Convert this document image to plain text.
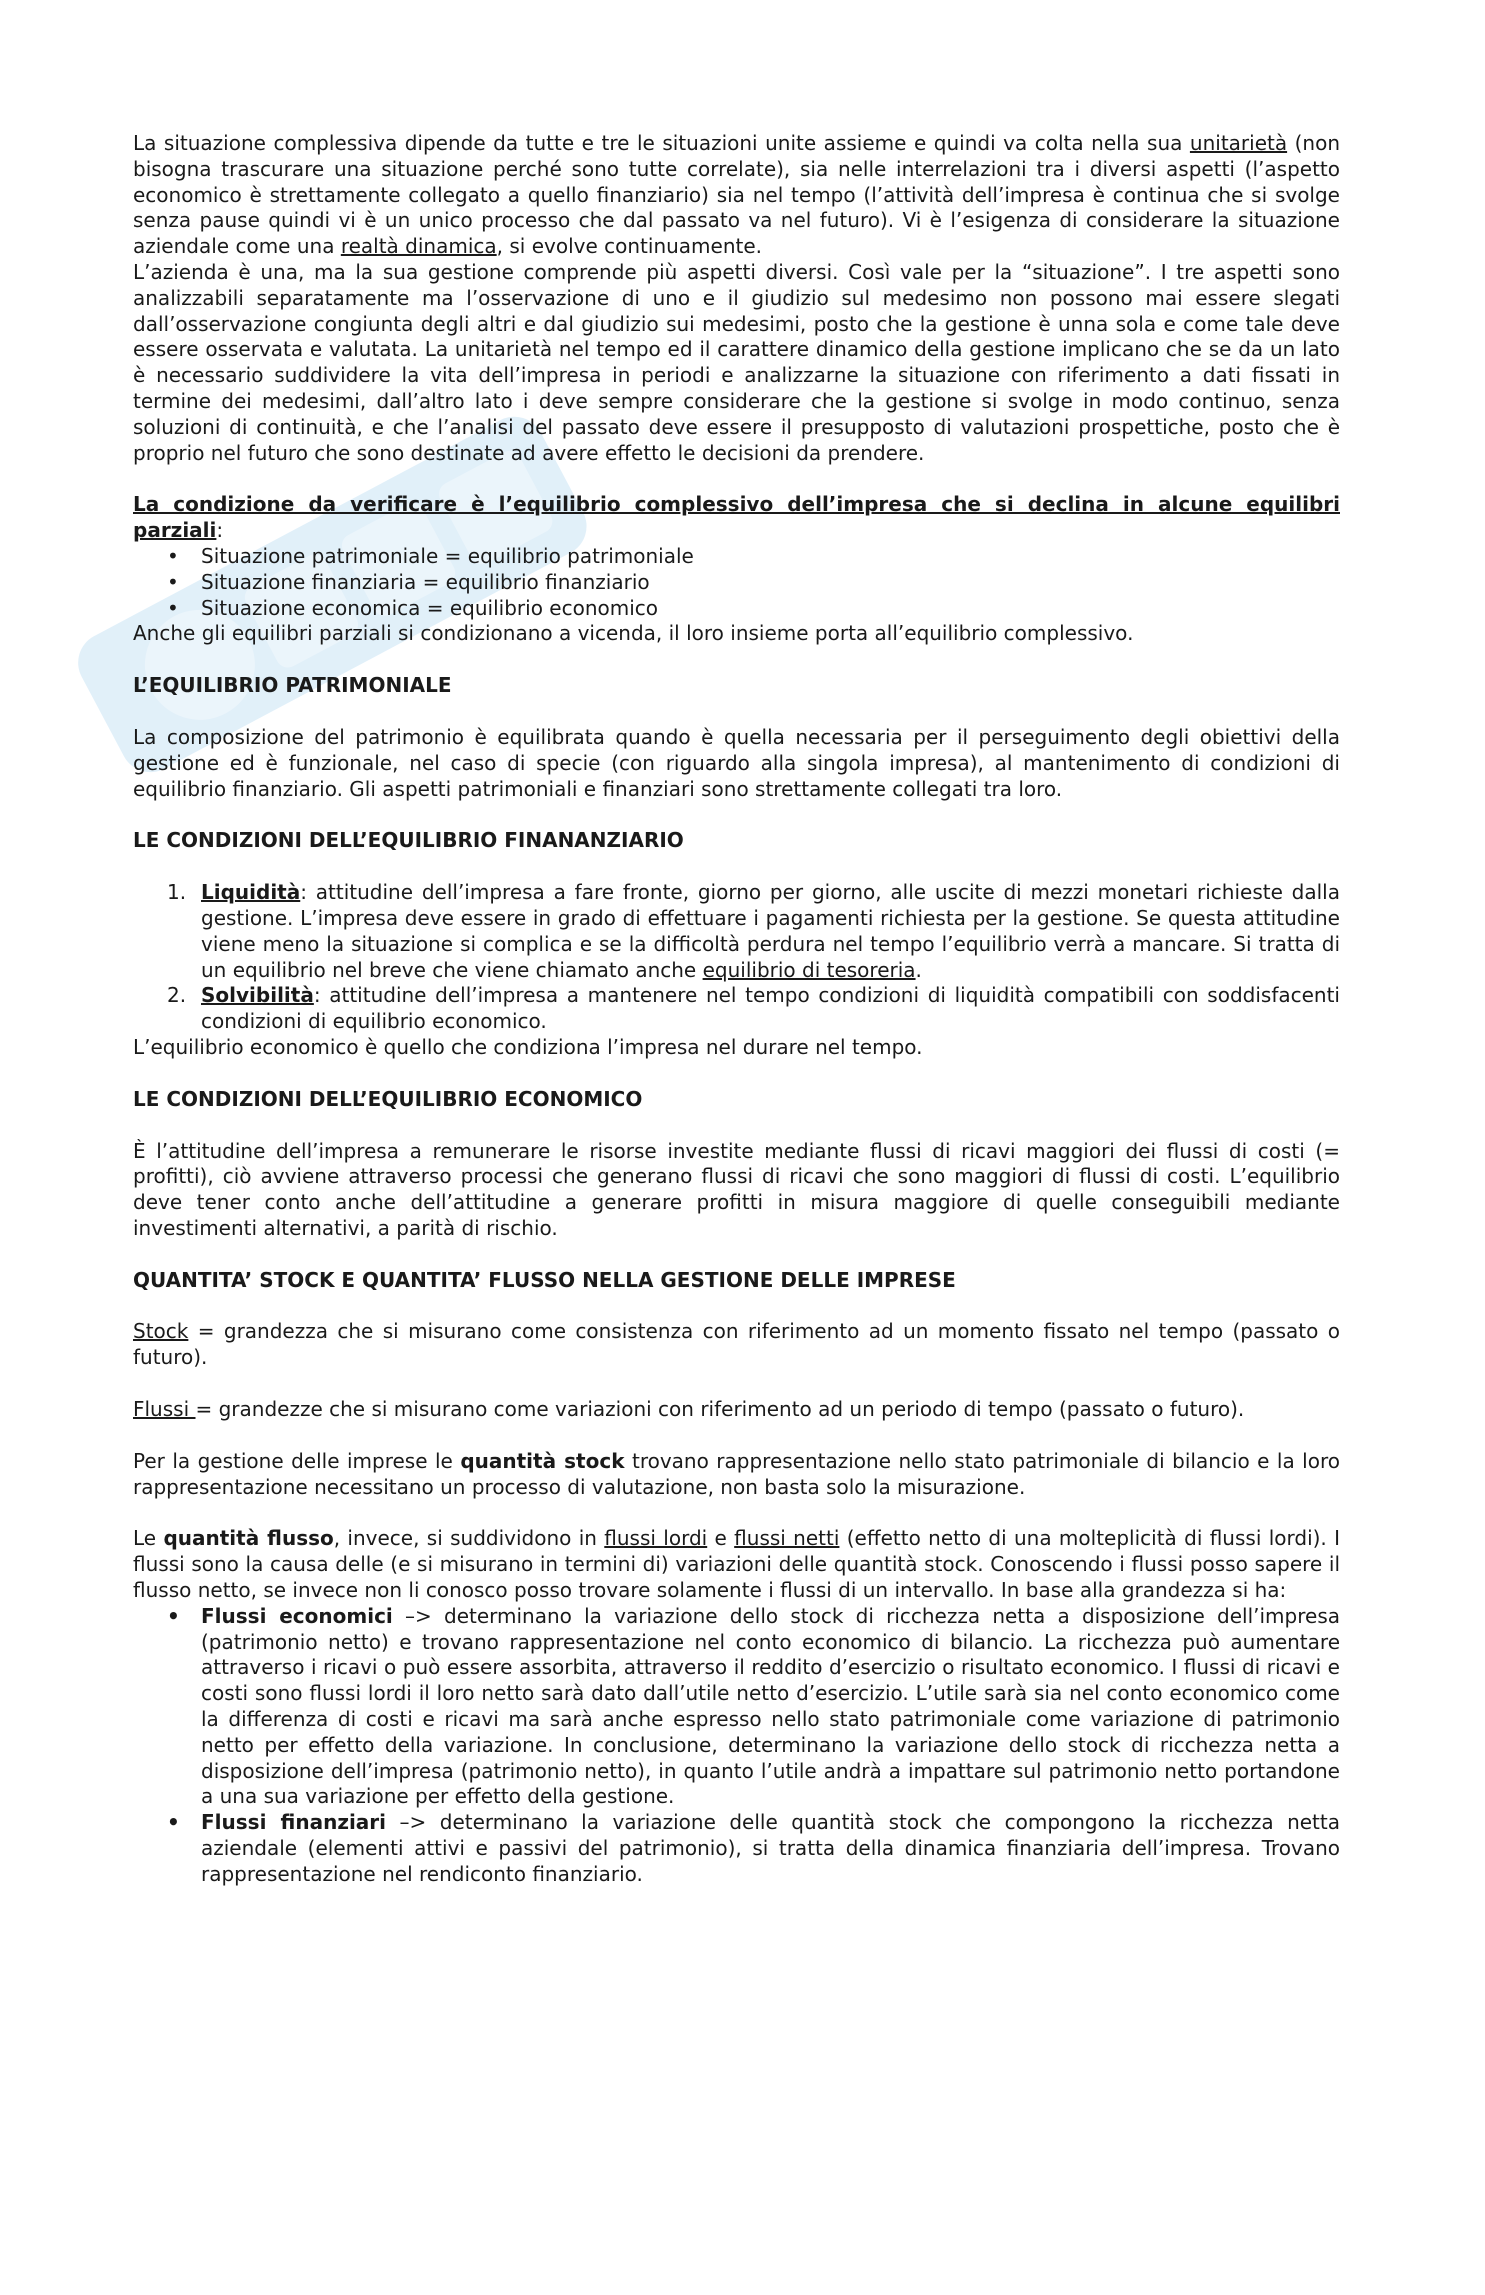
La situazione complessiva dipende da tutte e tre le situazioni unite assieme e quindi va colta nella sua unitarietà (non bisogna trascurare una situazione perché sono tutte correlate), sia nelle interrelazioni tra i diversi aspetti (l’aspetto economico è strettamente collegato a quello finanziario) sia nel tempo (l’attività dell’impresa è continua che si svolge senza pause quindi vi è un unico processo che dal passato va nel futuro). Vi è l’esigenza di considerare la situazione aziendale come una realtà dinamica, si evolve continuamente.

L’azienda è una, ma la sua gestione comprende più aspetti diversi. Così vale per la “situazione”. I tre aspetti sono analizzabili separatamente ma l’osservazione di uno e il giudizio sul medesimo non possono mai essere slegati dall’osservazione congiunta degli altri e dal giudizio sui medesimi, posto che la gestione è unna sola e come tale deve essere osservata e valutata. La unitarietà nel tempo ed il carattere dinamico della gestione implicano che se da un lato è necessario suddividere la vita dell’impresa in periodi e analizzarne la situazione con riferimento a dati fissati in termine dei medesimi, dall’altro lato i deve sempre considerare che la gestione si svolge in modo continuo, senza soluzioni di continuità, e che l’analisi del passato deve essere il presupposto di valutazioni prospettiche, posto che è proprio nel futuro che sono destinate ad avere effetto le decisioni da prendere.

La condizione da verificare è l’equilibrio complessivo dell’impresa che si declina in alcune equilibri parziali:

• Situazione patrimoniale = equilibrio patrimoniale
• Situazione finanziaria = equilibrio finanziario
• Situazione economica = equilibrio economico

Anche gli equilibri parziali si condizionano a vicenda, il loro insieme porta all’equilibrio complessivo.

L’EQUILIBRIO PATRIMONIALE

La composizione del patrimonio è equilibrata quando è quella necessaria per il perseguimento degli obiettivi della gestione ed è funzionale, nel caso di specie (con riguardo alla singola impresa), al mantenimento di condizioni di equilibrio finanziario. Gli aspetti patrimoniali e finanziari sono strettamente collegati tra loro.

LE CONDIZIONI DELL’EQUILIBRIO FINANANZIARIO
1. Liquidità: attitudine dell’impresa a fare fronte, giorno per giorno, alle uscite di mezzi monetari richieste dalla gestione. L’impresa deve essere in grado di effettuare i pagamenti richiesta per la gestione. Se questa attitudine viene meno la situazione si complica e se la difficoltà perdura nel tempo l’equilibrio verrà a mancare. Si tratta di un equilibrio nel breve che viene chiamato anche equilibrio di tesoreria.
2. Solvibilità: attitudine dell’impresa a mantenere nel tempo condizioni di liquidità compatibili con soddisfacenti condizioni di equilibrio economico.

L’equilibrio economico è quello che condiziona l’impresa nel durare nel tempo.

LE CONDIZIONI DELL’EQUILIBRIO ECONOMICO

È l’attitudine dell’impresa a remunerare le risorse investite mediante flussi di ricavi maggiori dei flussi di costi (= profitti), ciò avviene attraverso processi che generano flussi di ricavi che sono maggiori di flussi di costi. L’equilibrio deve tener conto anche dell’attitudine a generare profitti in misura maggiore di quelle conseguibili mediante investimenti alternativi, a parità di rischio.

QUANTITA’ STOCK E QUANTITA’ FLUSSO NELLA GESTIONE DELLE IMPRESE

Stock = grandezza che si misurano come consistenza con riferimento ad un momento fissato nel tempo (passato o futuro).

Flussi = grandezze che si misurano come variazioni con riferimento ad un periodo di tempo (passato o futuro).

Per la gestione delle imprese le quantità stock trovano rappresentazione nello stato patrimoniale di bilancio e la loro rappresentazione necessitano un processo di valutazione, non basta solo la misurazione.

Le quantità flusso, invece, si suddividono in flussi lordi e flussi netti (effetto netto di una molteplicità di flussi lordi). I flussi sono la causa delle (e si misurano in termini di) variazioni delle quantità stock. Conoscendo i flussi posso sapere il flusso netto, se invece non li conosco posso trovare solamente i flussi di un intervallo. In base alla grandezza si ha:

• Flussi economici –> determinano la variazione dello stock di ricchezza netta a disposizione dell’impresa (patrimonio netto) e trovano rappresentazione nel conto economico di bilancio. La ricchezza può aumentare attraverso i ricavi o può essere assorbita, attraverso il reddito d’esercizio o risultato economico. I flussi di ricavi e costi sono flussi lordi il loro netto sarà dato dall’utile netto d’esercizio. L’utile sarà sia nel conto economico come la differenza di costi e ricavi ma sarà anche espresso nello stato patrimoniale come variazione di patrimonio netto per effetto della variazione. In conclusione, determinano la variazione dello stock di ricchezza netta a disposizione dell’impresa (patrimonio netto), in quanto l’utile andrà a impattare sul patrimonio netto portandone a una sua variazione per effetto della gestione.
• Flussi finanziari –> determinano la variazione delle quantità stock che compongono la ricchezza netta aziendale (elementi attivi e passivi del patrimonio), si tratta della dinamica finanziaria dell’impresa. Trovano rappresentazione nel rendiconto finanziario.
